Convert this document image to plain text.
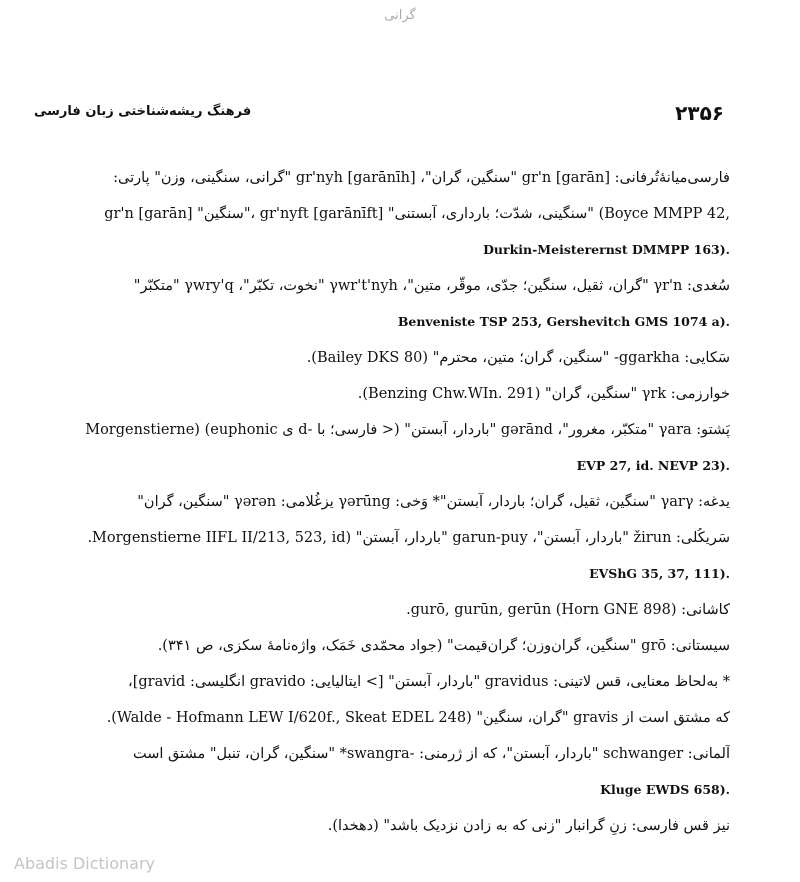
گرانی
فرهنگ ریشه‌شناختی زبان فارسی	۲۳۵۶
فارسی‌میانهٔ‌تُرفانی: gr'n [garān] "سنگین، گران"، gr'nyh [garānīh] "گرانی، سنگینی، وزن" پارتی:
gr'n [garān] "سنگین"، gr'nyft [garānīft] "سنگینی، شدّت؛ بارداری، آبستنی" (Boyce MMPP 42,
Durkin-Meisterernst DMMPP 163).
سُغدی: γr'n "گران، ثقیل، سنگین؛ جدّی، موقّر، متین"، γwr't'nyh "نخوت، تکبّر"، γwry'q "متکبّر"
Benveniste TSP 253, Gershevitch GMS 1074 a).
سَکایی: ggarkha- "سنگین، گران؛ متین، محترم" (Bailey DKS 80).
خوارزمی: γrk "سنگین، گران" (Benzing Chw.WIn. 291).
پَشتو: γara "متکبّر، مغرور"، gərānd "باردار، آبستن" (< فارسی؛ با -d ی euphonic) (Morgenstierne
EVP 27, id. NEVP 23).
یدغه: γarγ "سنگین، ثقیل، گران؛ باردار، آبستن"* وَخی: γərūng یزغُلامی: γərən "سنگین، گران"
سَریکُلی: žirun "باردار، آبستن"، garun-puy "باردار، آبستن" (Morgenstierne IIFL II/213, 523, id.
EVShG 35, 37, 111).
کاشانی: gurō, gurūn, gerūn (Horn GNE 898).
سیستانی: grō "سنگین، گران‌وزن؛ گران‌قیمت" (جواد محمّدی خَمَک، واژه‌نامهٔ سکزی، ص ۳۴۱).
* به‌لحاظ معنایی، قس لاتینی: gravidus "باردار، آبستن" [> ایتالیایی: gravido انگلیسی: gravid]،
که مشتق است از gravis "گران، سنگین" (Walde - Hofmann LEW I/620f., Skeat EDEL 248).
آلمانی: schwanger "باردار، آبستن"، که از ژرمنی: -swangra* "سنگین، گران، تنبل" مشتق است
Kluge EWDS 658).
نیز قس فارسی: زنِ گرانبار "زنی که به زادن نزدیک باشد" (دهخدا).
Abadis Dictionary
